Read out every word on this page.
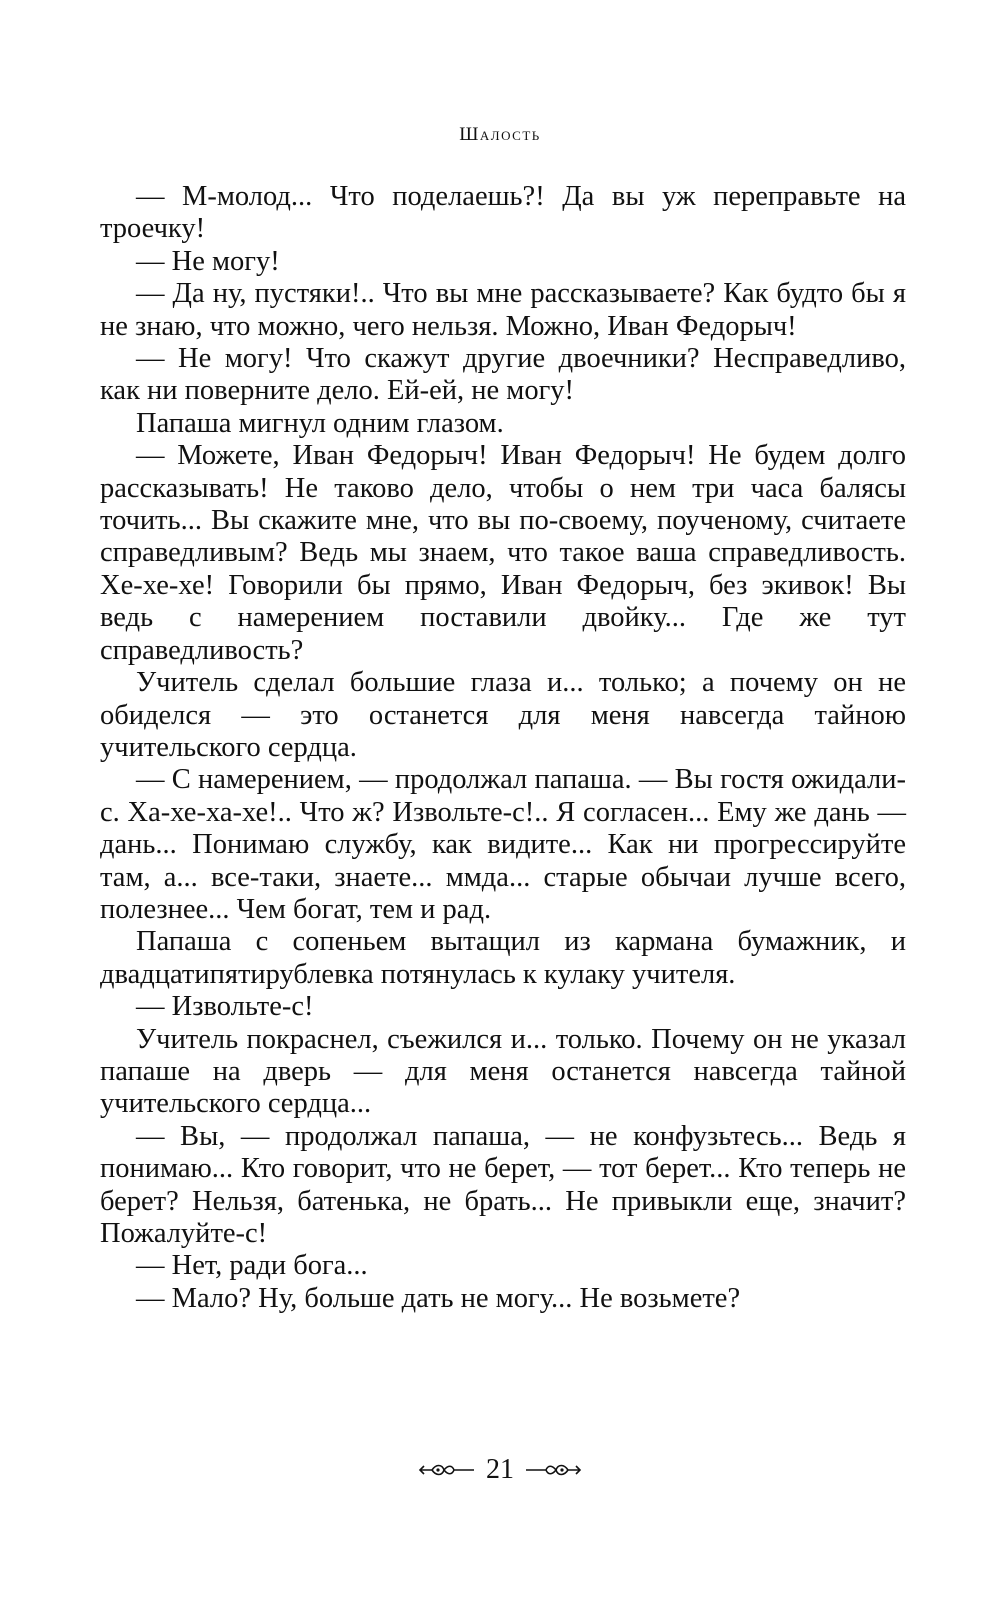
Шалость

— М-молод... Что поделаешь?! Да вы уж переправьте на троечку!

— Не могу!

— Да ну, пустяки!.. Что вы мне рассказываете? Как будто бы я не знаю, что можно, чего нельзя. Можно, Иван Федорыч!

— Не могу! Что скажут другие двоечники? Несправедливо, как ни поверните дело. Ей-ей, не могу!

Папаша мигнул одним глазом.

— Можете, Иван Федорыч! Иван Федорыч! Не будем долго рассказывать! Не таково дело, чтобы о нем три часа балясы точить... Вы скажите мне, что вы по-своему, поученому, считаете справедливым? Ведь мы знаем, что такое ваша справедливость. Хе-хе-хе! Говорили бы прямо, Иван Федорыч, без экивок! Вы ведь с намерением поставили двойку... Где же тут справедливость?

Учитель сделал большие глаза и... только; а почему он не обиделся — это останется для меня навсегда тайною учительского сердца.

— С намерением, — продолжал папаша. — Вы гостя ожидали-с. Ха-хе-ха-хе!.. Что ж? Извольте-с!.. Я согласен... Ему же дань — дань... Понимаю службу, как видите... Как ни прогрессируйте там, а... все-таки, знаете... ммда... старые обычаи лучше всего, полезнее... Чем богат, тем и рад.

Папаша с сопеньем вытащил из кармана бумажник, и двадцатипятирублевка потянулась к кулаку учителя.

— Извольте-с!

Учитель покраснел, съежился и... только. Почему он не указал папаше на дверь — для меня останется навсегда тайной учительского сердца...

— Вы, — продолжал папаша, — не конфузьтесь... Ведь я понимаю... Кто говорит, что не берет, — тот берет... Кто теперь не берет? Нельзя, батенька, не брать... Не привыкли еще, значит? Пожалуйте-с!

— Нет, ради бога...

— Мало? Ну, больше дать не могу... Не возьмете?

21
